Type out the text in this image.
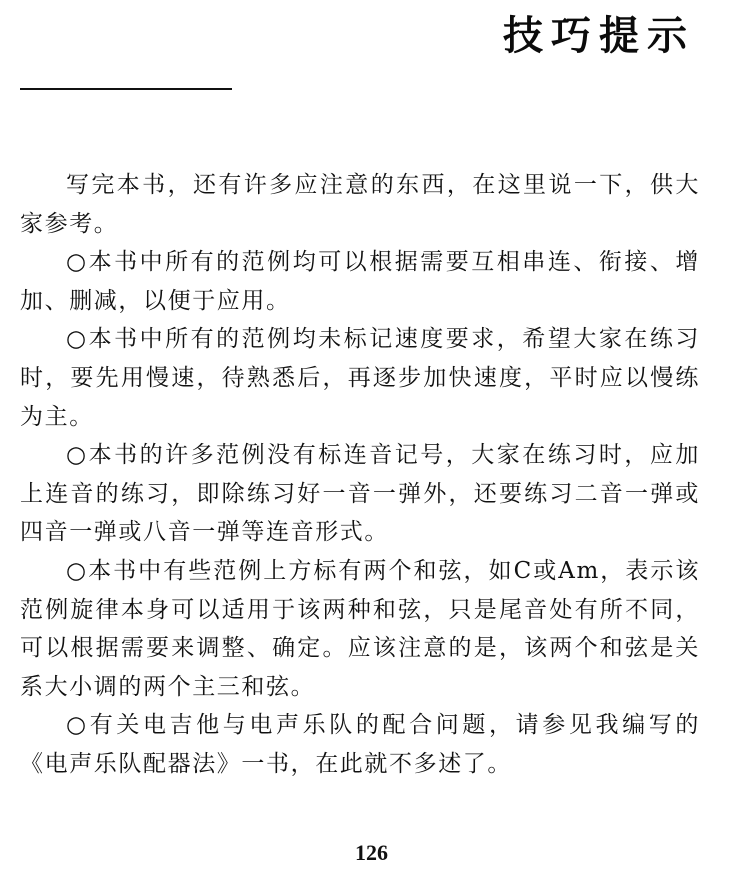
技巧提示

写完本书，还有许多应注意的东西，在这里说一下，供大家参考。

○本书中所有的范例均可以根据需要互相串连、衔接、增加、删减，以便于应用。

○本书中所有的范例均未标记速度要求，希望大家在练习时，要先用慢速，待熟悉后，再逐步加快速度，平时应以慢练为主。

○本书的许多范例没有标连音记号，大家在练习时，应加上连音的练习，即除练习好一音一弹外，还要练习二音一弹或四音一弹或八音一弹等连音形式。

○本书中有些范例上方标有两个和弦，如C或Am，表示该范例旋律本身可以适用于该两种和弦，只是尾音处有所不同，可以根据需要来调整、确定。应该注意的是，该两个和弦是关系大小调的两个主三和弦。

○有关电吉他与电声乐队的配合问题，请参见我编写的《电声乐队配器法》一书，在此就不多述了。

126
